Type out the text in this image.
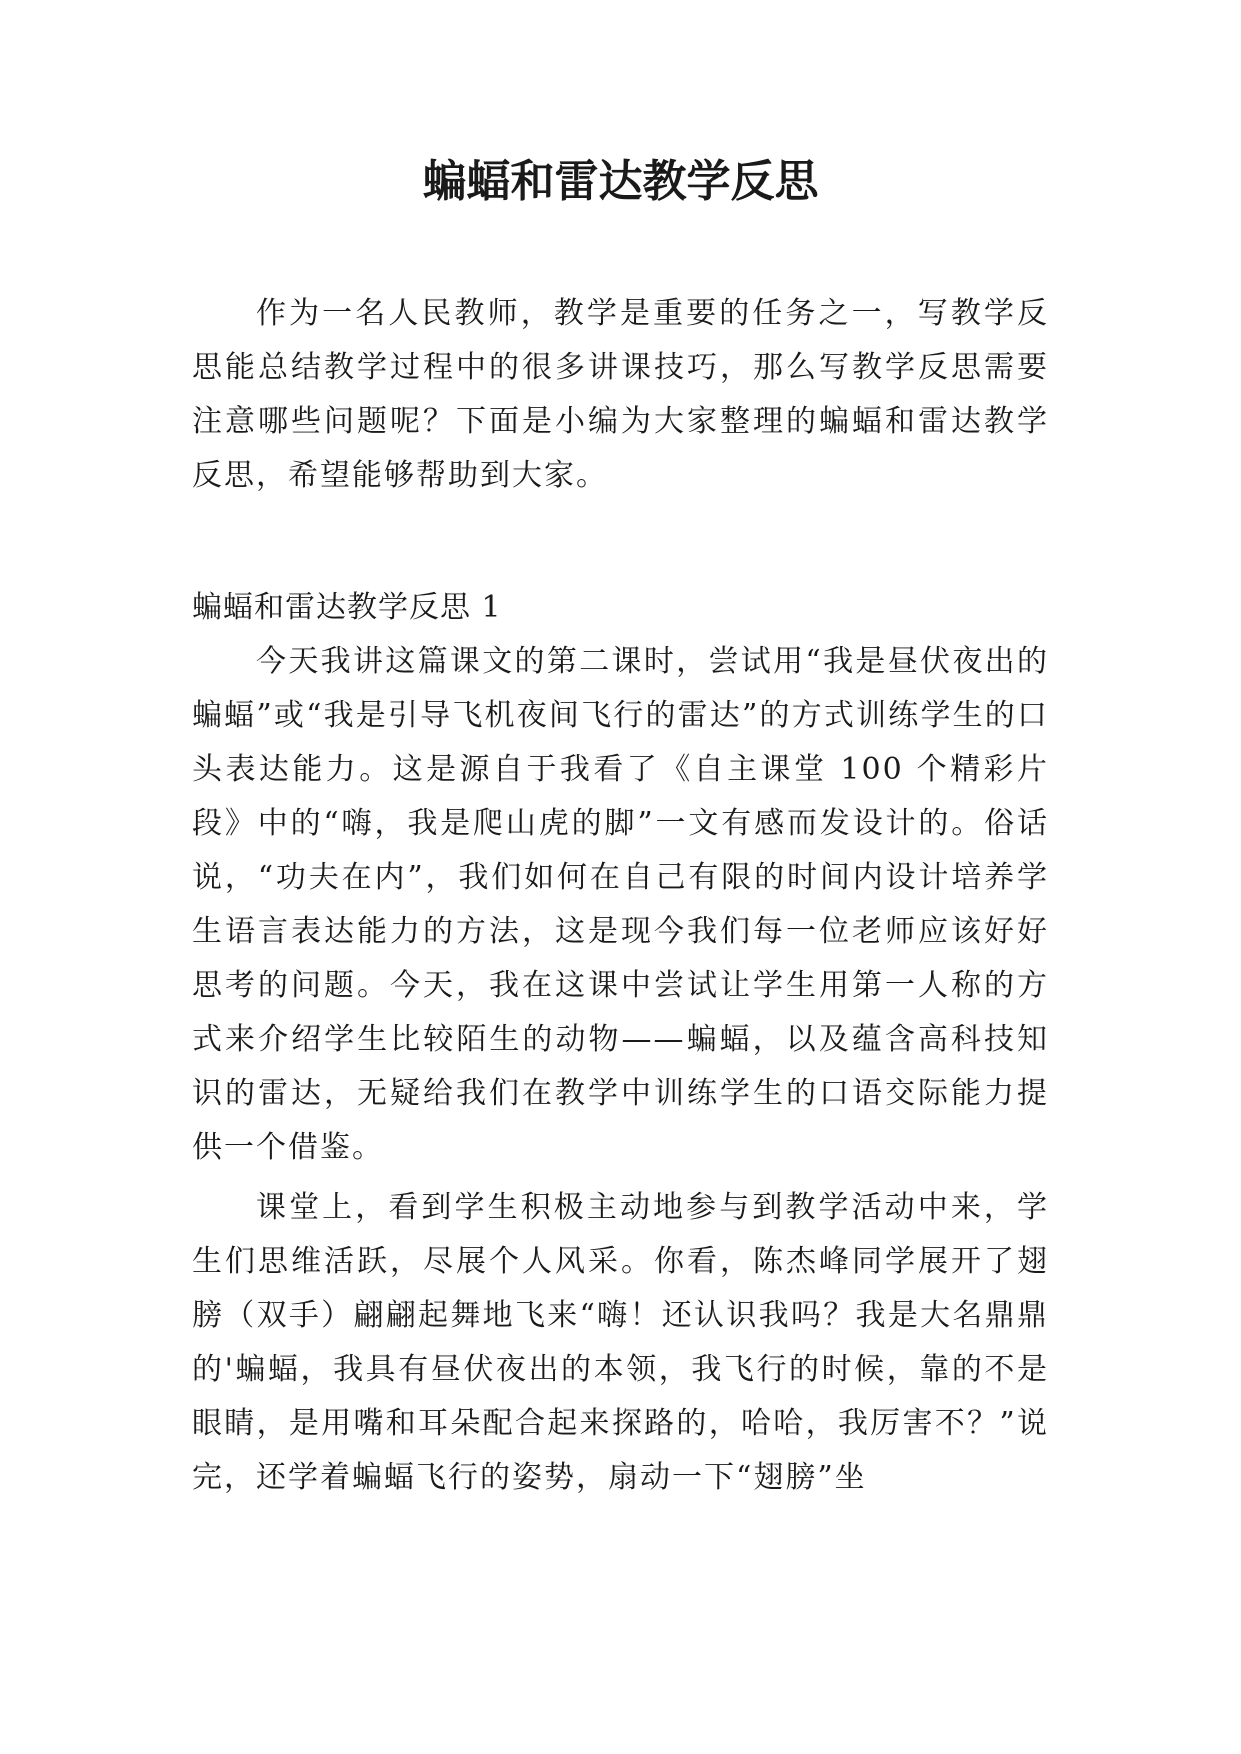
蝙蝠和雷达教学反思

作为一名人民教师，教学是重要的任务之一，写教学反思能总结教学过程中的很多讲课技巧，那么写教学反思需要注意哪些问题呢？下面是小编为大家整理的蝙蝠和雷达教学反思，希望能够帮助到大家。

蝙蝠和雷达教学反思 1

今天我讲这篇课文的第二课时，尝试用“我是昼伏夜出的蝙蝠”或“我是引导飞机夜间飞行的雷达”的方式训练学生的口头表达能力。这是源自于我看了《自主课堂 100 个精彩片段》中的“嗨，我是爬山虎的脚”一文有感而发设计的。俗话说，“功夫在内”，我们如何在自己有限的时间内设计培养学生语言表达能力的方法，这是现今我们每一位老师应该好好思考的问题。今天，我在这课中尝试让学生用第一人称的方式来介绍学生比较陌生的动物——蝙蝠，以及蕴含高科技知识的雷达，无疑给我们在教学中训练学生的口语交际能力提供一个借鉴。

课堂上，看到学生积极主动地参与到教学活动中来，学生们思维活跃，尽展个人风采。你看，陈杰峰同学展开了翅膀（双手）翩翩起舞地飞来“嗨！还认识我吗？我是大名鼎鼎的'蝙蝠，我具有昼伏夜出的本领，我飞行的时候，靠的不是眼睛，是用嘴和耳朵配合起来探路的，哈哈，我厉害不？”说完，还学着蝙蝠飞行的姿势，扇动一下“翅膀”坐
